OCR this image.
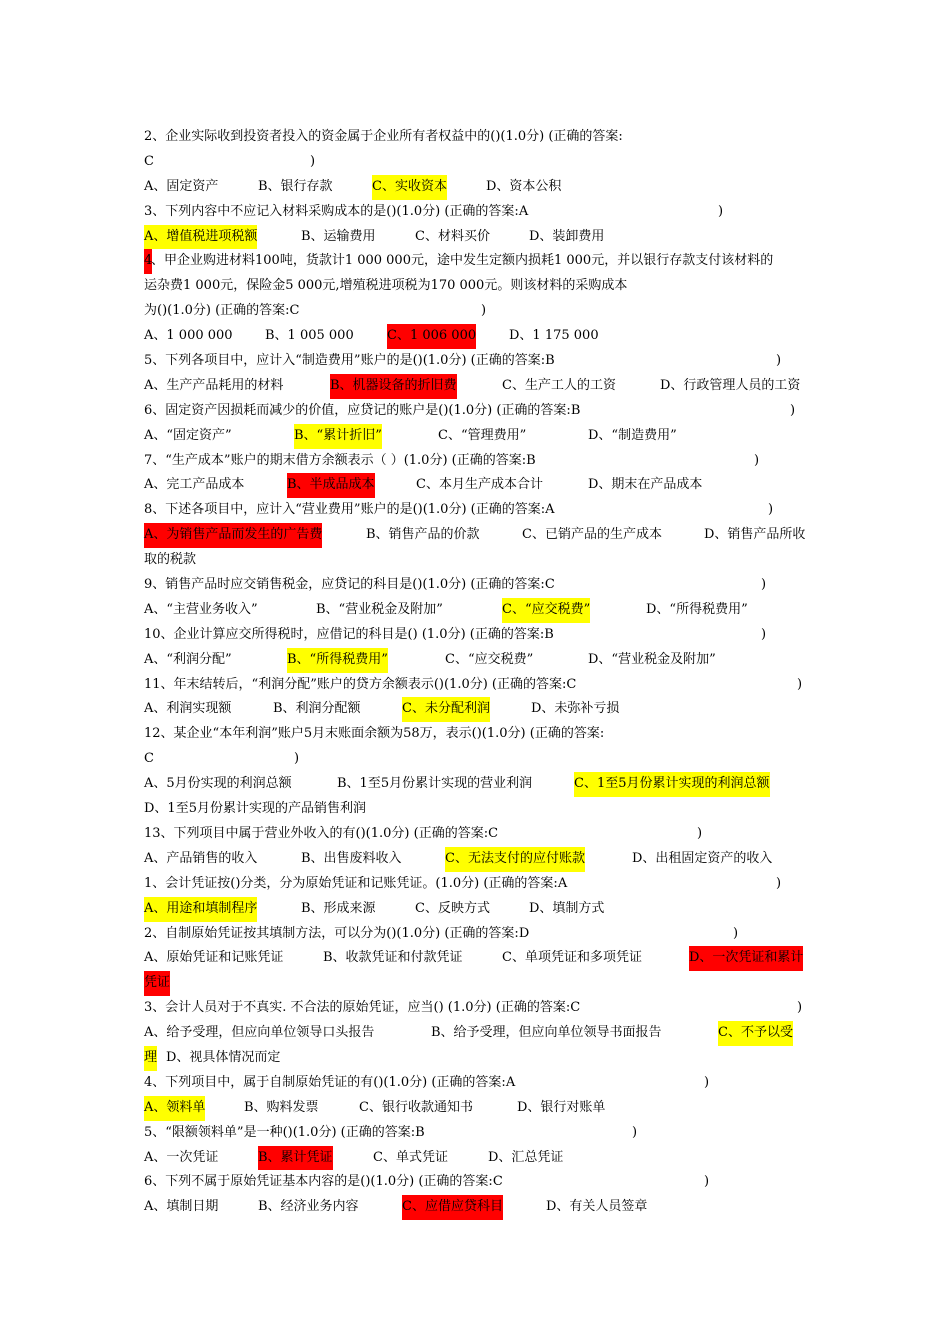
2、企业实际收到投资者投入的资金属于企业所有者权益中的()(1.0分) (正确的答案:
C	)
A、固定资产	B、银行存款	C、实收资本	D、资本公积
3、下列内容中不应记入材料采购成本的是()(1.0分) (正确的答案:A	)
A、增值税进项税额	B、运输费用	C、材料买价	D、装卸费用
4
、甲企业购进材料100吨，货款计1 000 000元，途中发生定额内损耗1 000元，并以银行存款支付该材料的
运杂费1 000元，保险金5 000元,增殖税进项税为170 000元。则该材料的采购成本
为()(1.0分) (正确的答案:C	)
A、1 000 000 B、1 005 000	C、1 006 000	D、1 175 000
5、下列各项目中，应计入“制造费用”账户的是()(1.0分) (正确的答案:B	)
A、生产产品耗用的材料	B、机器设备的折旧费	C、生产工人的工资	D、行政管理人员的工资
6、固定资产因损耗而减少的价值，应贷记的账户是()(1.0分) (正确的答案:B	)
A、“固定资产”	B、“累计折旧”	C、“管理费用”	D、“制造费用”
7、“生产成本”账户的期末借方余额表示（ ）(1.0分) (正确的答案:B	)
A、完工产品成本	B、半成品成本	C、本月生产成本合计	D、期末在产品成本
8、下述各项目中，应计入“营业费用”账户的是()(1.0分) (正确的答案:A	)
A、为销售产品而发生的广告费	B、销售产品的价款	C、已销产品的生产成本	D、销售产品所收
取的税款
9、销售产品时应交销售税金，应贷记的科目是()(1.0分) (正确的答案:C	)
A、“主营业务收入”	B、“营业税金及附加”	C、“应交税费”	D、“所得税费用”
10、企业计算应交所得税时，应借记的科目是() (1.0分) (正确的答案:B	)
A、“利润分配”	B、“所得税费用”	C、“应交税费”	D、“营业税金及附加”
11、年末结转后，“利润分配”账户的贷方余额表示()(1.0分) (正确的答案:C	)
A、利润实现额	B、利润分配额	C、未分配利润	D、未弥补亏损
12、某企业“本年利润”账户5月末账面余额为58万，表示()(1.0分) (正确的答案:
C	)
A、5月份实现的利润总额	B、1至5月份累计实现的营业利润	C、1至5月份累计实现的利润总额
D、1至5月份累计实现的产品销售利润
13、下列项目中属于营业外收入的有()(1.0分) (正确的答案:C	)
A、产品销售的收入	B、出售废料收入	C、无法支付的应付账款	D、出租固定资产的收入
1、会计凭证按()分类，分为原始凭证和记账凭证。(1.0分) (正确的答案:A	)
A、用途和填制程序	B、形成来源	C、反映方式	D、填制方式
2、自制原始凭证按其填制方法，可以分为()(1.0分) (正确的答案:D	)
A、原始凭证和记账凭证	B、收款凭证和付款凭证	C、单项凭证和多项凭证	D、一次凭证和累计
凭证
3、会计人员对于不真实. 不合法的原始凭证，应当() (1.0分) (正确的答案:C	)
A、给予受理，但应向单位领导口头报告	B、给予受理，但应向单位领导书面报告	C、不予以受
理 D、视具体情况而定
4、下列项目中，属于自制原始凭证的有()(1.0分) (正确的答案:A	)
A、领料单	B、购料发票	C、银行收款通知书	D、银行对账单
5、“限额领料单”是一种()(1.0分) (正确的答案:B	)
A、一次凭证	B、累计凭证	C、单式凭证	D、汇总凭证
6、下列不属于原始凭证基本内容的是()(1.0分) (正确的答案:C	)
A、填制日期	B、经济业务内容	C、应借应贷科目	D、有关人员签章
